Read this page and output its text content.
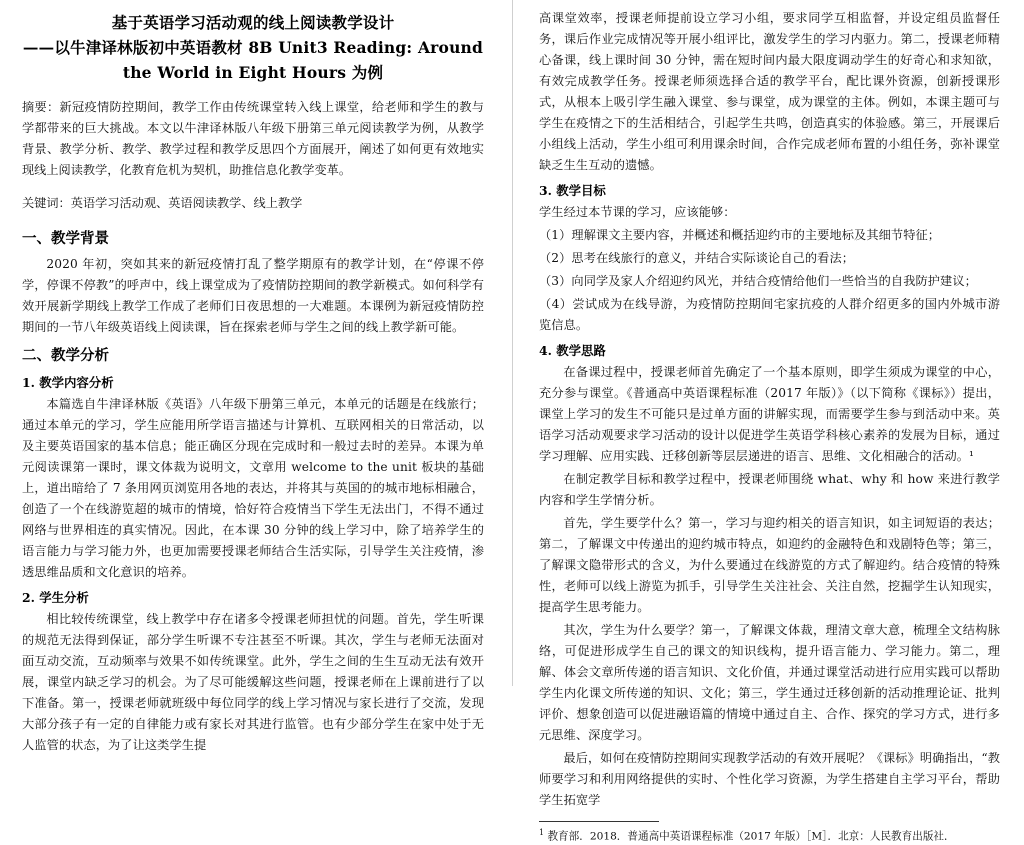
基于英语学习活动观的线上阅读教学设计
——以牛津译林版初中英语教材 8B Unit3 Reading: Around
the World in Eight Hours 为例
摘要：新冠疫情防控期间，教学工作由传统课堂转入线上课堂，给老师和学生的教与学都带来的巨大挑战。本文以牛津译林版八年级下册第三单元阅读教学为例，从教学背景、教学分析、教学、教学过程和教学反思四个方面展开，阐述了如何更有效地实现线上阅读教学，化教育危机为契机，助推信息化教学变革。
关键词：英语学习活动观、英语阅读教学、线上教学
一、教学背景
2020 年初，突如其来的新冠疫情打乱了整学期原有的教学计划，在“停课不停学，停课不停教”的呼声中，线上课堂成为了疫情防控期间的教学新模式。如何科学有效开展新学期线上教学工作成了老师们日夜思想的一大难题。本课例为新冠疫情防控期间的一节八年级英语线上阅读课，旨在探索老师与学生之间的线上教学新可能。
二、教学分析
1. 教学内容分析
本篇选自牛津译林版《英语》八年级下册第三单元，本单元的话题是在线旅行；通过本单元的学习，学生应能用所学语言描述与计算机、互联网相关的日常活动，以及主要英语国家的基本信息；能正确区分现在完成时和一般过去时的差异。本课为单元阅读课第一课时，课文体裁为说明文，文章用 welcome to the unit 板块的基础上，道出暗给了 7 条用网页浏览用各地的表达，并将其与英国的的城市地标相融合，创造了一个在线游览超的城市的情境，恰好符合疫情当下学生无法出门，不得不通过网络与世界相连的真实情况。因此，在本课 30 分钟的线上学习中，除了培养学生的语言能力与学习能力外，也更加需要授课老师结合生活实际，引导学生关注疫情，渗透思维品质和文化意识的培养。
2. 学生分析
相比较传统课堂，线上教学中存在诸多令授课老师担忧的问题。首先，学生听课的规范无法得到保证，部分学生听课不专注甚至不听课。其次，学生与老师无法面对面互动交流，互动频率与效果不如传统课堂。此外，学生之间的生生互动无法有效开展，课堂内缺乏学习的机会。为了尽可能缓解这些问题，授课老师在上课前进行了以下准备。第一，授课老师就班级中每位同学的线上学习情况与家长进行了交流，发现大部分孩子有一定的自律能力或有家长对其进行监管。也有少部分学生在家中处于无人监管的状态，为了让这类学生提
高课堂效率，授课老师提前设立学习小组，要求同学互相监督，并设定组员监督任务，课后作业完成情况等开展小组评比，激发学生的学习内驱力。第二，授课老师精心备课，线上课时间 30 分钟，需在短时间内最大限度调动学生的好奇心和求知欲，有效完成教学任务。授课老师须选择合适的教学平台，配比课外资源，创新授课形式，从根本上吸引学生融入课堂、参与课堂，成为课堂的主体。例如，本课主题可与学生在疫情之下的生活相结合，引起学生共鸣，创造真实的体验感。第三，开展课后小组线上活动，学生小组可利用课余时间，合作完成老师布置的小组任务，弥补课堂缺乏生生互动的遗憾。
3. 教学目标
学生经过本节课的学习，应该能够：
（1）理解课文主要内容，并概述和概括迎约市的主要地标及其细节特征；
（2）思考在线旅行的意义，并结合实际谈论自己的看法；
（3）向同学及家人介绍迎约风光，并结合疫情给他们一些恰当的自我防护建议；
（4）尝试成为在线导游，为疫情防控期间宅家抗疫的人群介绍更多的国内外城市游览信息。
4. 教学思路
在备课过程中，授课老师首先确定了一个基本原则，即学生须成为课堂的中心，充分参与课堂。《普通高中英语课程标准（2017 年版）》（以下简称《课标》）提出，课堂上学习的发生不可能只是过单方面的讲解实现，而需要学生参与到活动中来。英语学习活动观要求学习活动的设计以促进学生英语学科核心素养的发展为目标，通过学习理解、应用实践、迁移创新等层层递进的语言、思维、文化相融合的活动。¹
在制定教学目标和教学过程中，授课老师围绕 what、why 和 how 来进行教学内容和学生学情分析。
首先，学生要学什么？第一，学习与迎约相关的语言知识，如主词短语的表达；第二，了解课文中传递出的迎约城市特点，如迎约的金融特色和戏剧特色等；第三，了解课文隐带形式的含义，为什么要通过在线游览的方式了解迎约。结合疫情的特殊性，老师可以线上游览为抓手，引导学生关注社会、关注自然，挖掘学生认知现实，提高学生思考能力。
其次，学生为什么要学？第一，了解课文体裁，理清文章大意，梳理全文结构脉络，可促进形成学生自己的课文的知识线构，提升语言能力、学习能力。第二，理解、体会文章所传递的语言知识、文化价值，并通过课堂活动进行应用实践可以帮助学生内化课文所传递的知识、文化；第三，学生通过迁移创新的活动推理论证、批判评价、想象创造可以促进融语篇的情境中通过自主、合作、探究的学习方式，进行多元思维、深度学习。
最后，如何在疫情防控期间实现教学活动的有效开展呢？《课标》明确指出，“教师要学习和利用网络提供的实时、个性化学习资源，为学生搭建自主学习平台，帮助学生拓宽学
$^1$ 教育部．2018．普通高中英语课程标准（2017 年版）［M］．北京：人民教育出版社．
